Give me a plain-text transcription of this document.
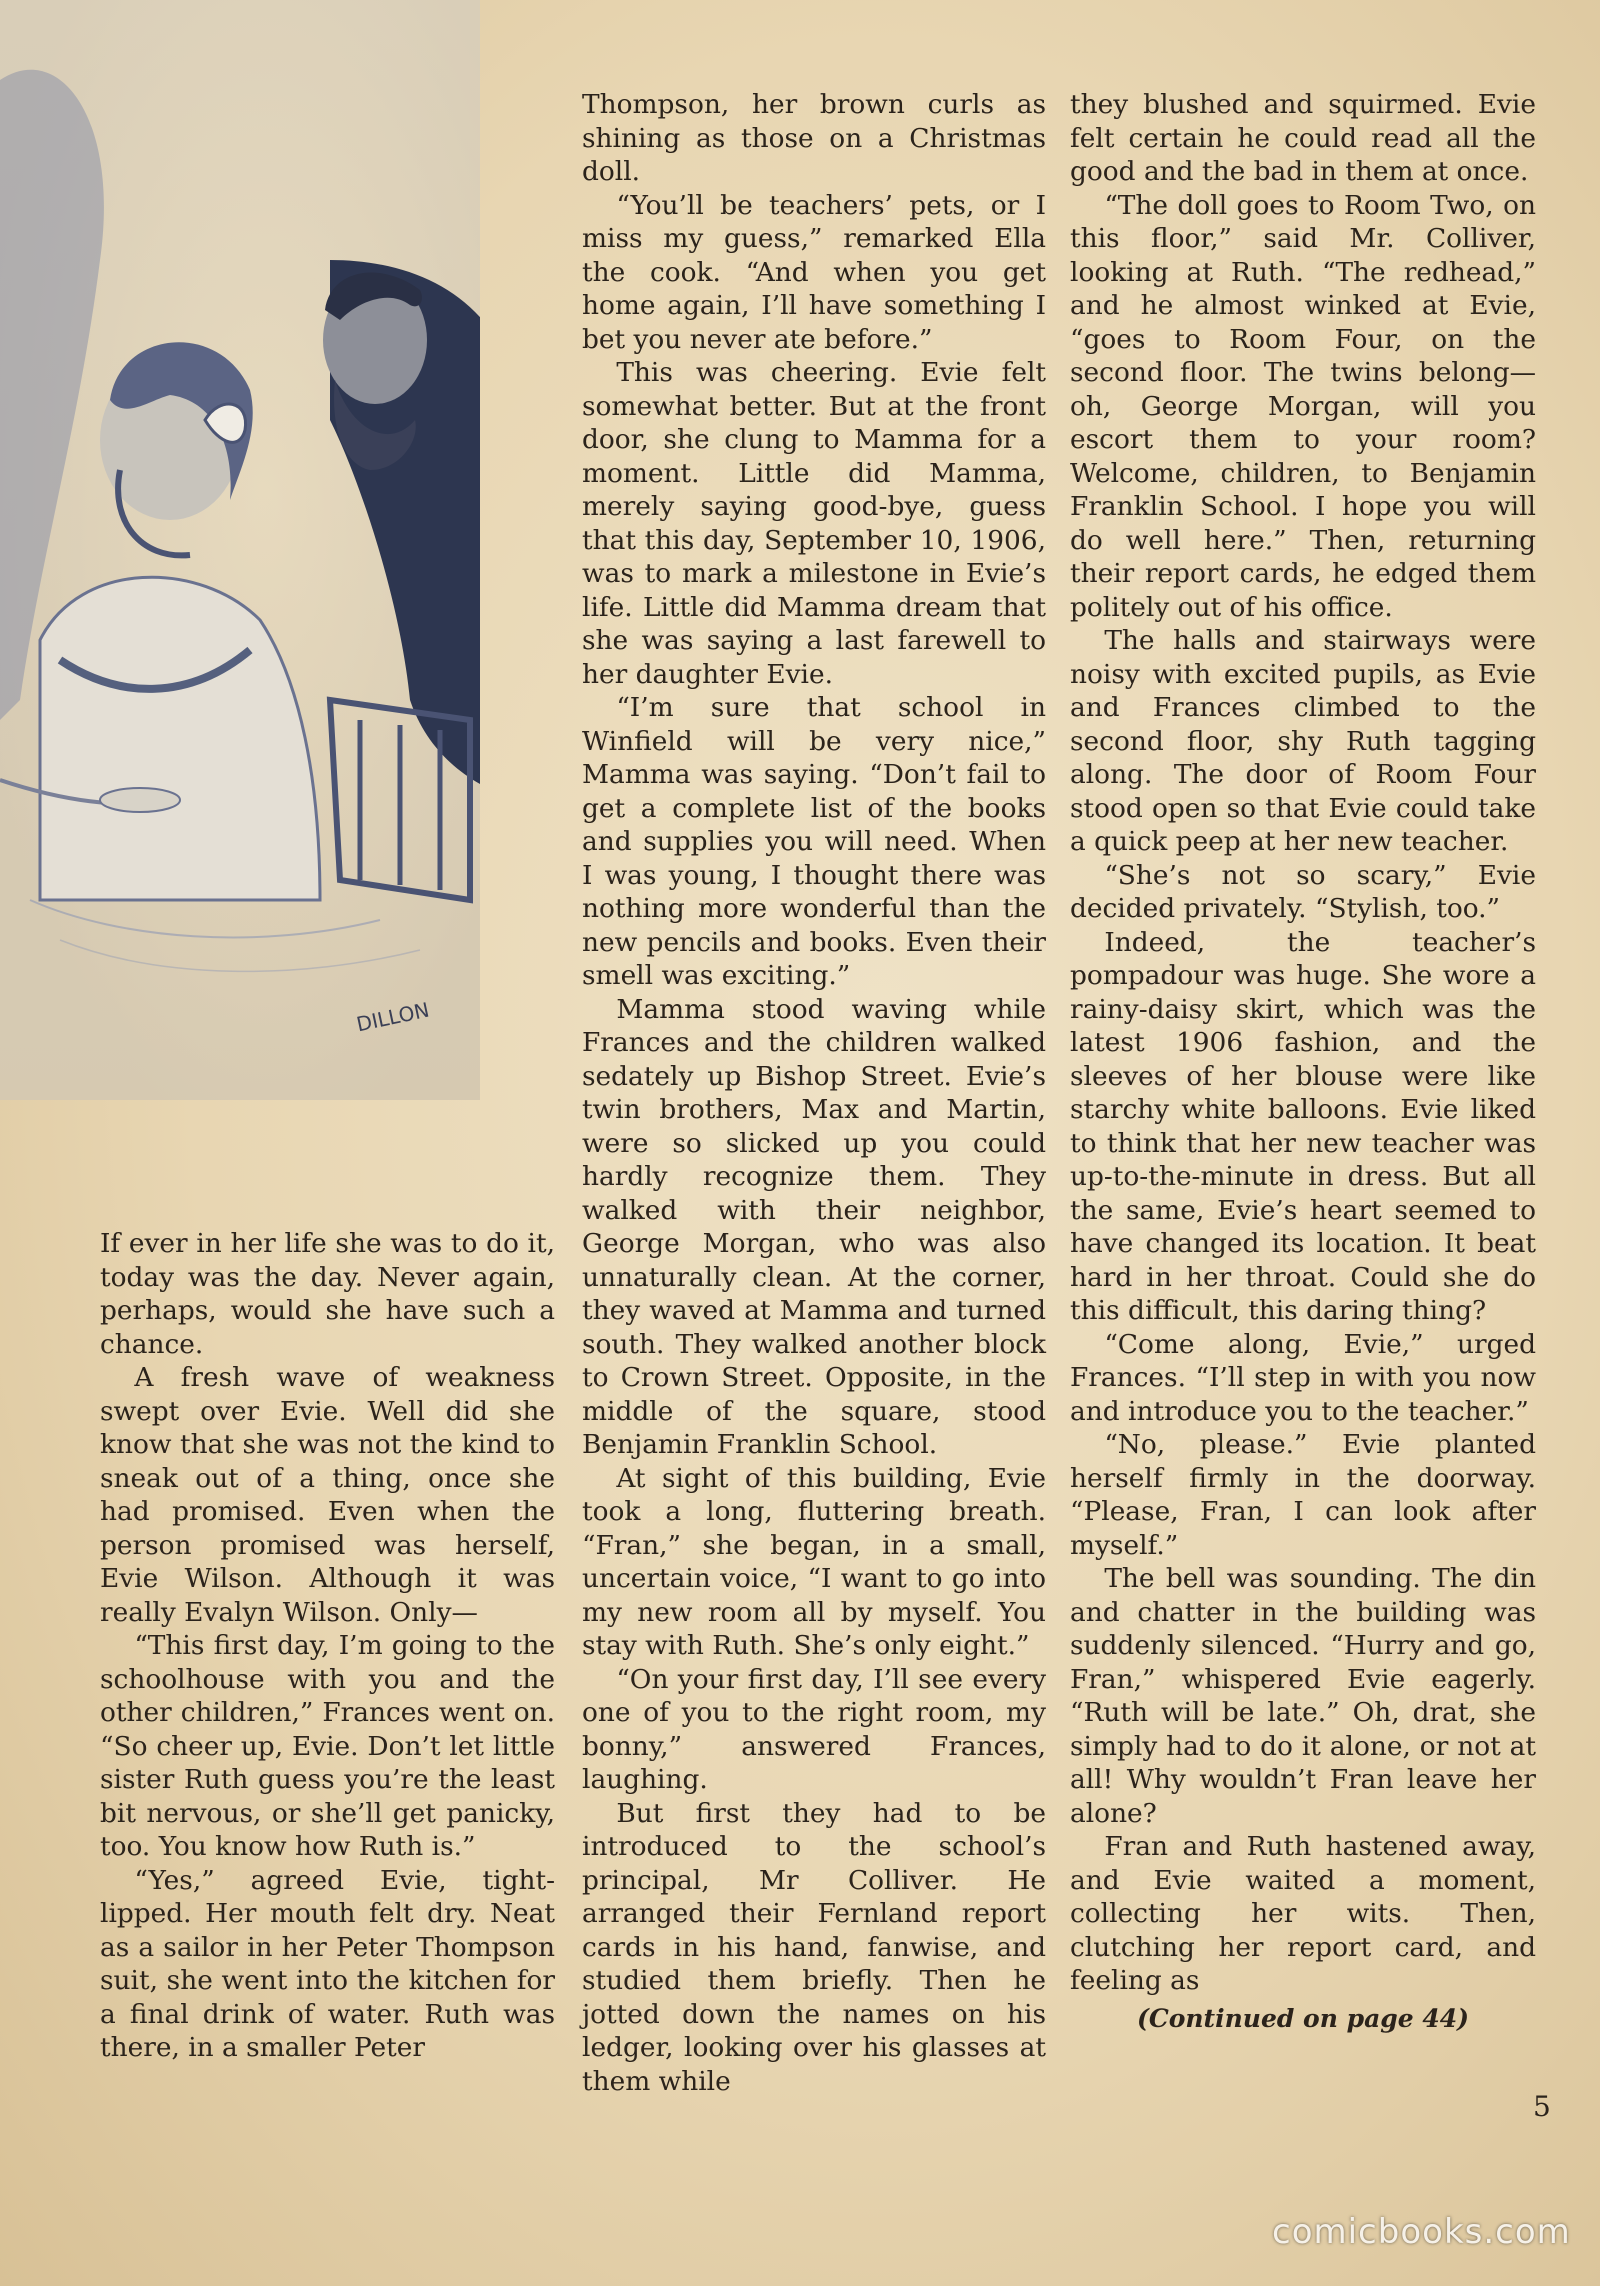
DILLON

If ever in her life she was to do it, today was the day. Never again, perhaps, would she have such a chance.

A fresh wave of weakness swept over Evie. Well did she know that she was not the kind to sneak out of a thing, once she had promised. Even when the person promised was herself, Evie Wilson. Although it was really Evalyn Wilson. Only—

“This first day, I’m going to the schoolhouse with you and the other children,” Frances went on. “So cheer up, Evie. Don’t let little sister Ruth guess you’re the least bit nervous, or she’ll get panicky, too. You know how Ruth is.”

“Yes,” agreed Evie, tight-lipped. Her mouth felt dry. Neat as a sailor in her Peter Thompson suit, she went into the kitchen for a final drink of water. Ruth was there, in a smaller Peter

Thompson, her brown curls as shining as those on a Christmas doll.

“You’ll be teachers’ pets, or I miss my guess,” remarked Ella the cook. “And when you get home again, I’ll have something I bet you never ate before.”

This was cheering. Evie felt somewhat better. But at the front door, she clung to Mamma for a moment. Little did Mamma, merely saying good-bye, guess that this day, September 10, 1906, was to mark a milestone in Evie’s life. Little did Mamma dream that she was saying a last farewell to her daughter Evie.

“I’m sure that school in Winfield will be very nice,” Mamma was saying. “Don’t fail to get a complete list of the books and supplies you will need. When I was young, I thought there was nothing more wonderful than the new pencils and books. Even their smell was exciting.”

Mamma stood waving while Frances and the children walked sedately up Bishop Street. Evie’s twin brothers, Max and Martin, were so slicked up you could hardly recognize them. They walked with their neighbor, George Morgan, who was also unnaturally clean. At the corner, they waved at Mamma and turned south. They walked another block to Crown Street. Opposite, in the middle of the square, stood Benjamin Franklin School.

At sight of this building, Evie took a long, fluttering breath. “Fran,” she began, in a small, uncertain voice, “I want to go into my new room all by myself. You stay with Ruth. She’s only eight.”

“On your first day, I’ll see every one of you to the right room, my bonny,” answered Frances, laughing.

But first they had to be introduced to the school’s principal, Mr Colliver. He arranged their Fernland report cards in his hand, fanwise, and studied them briefly. Then he jotted down the names on his ledger, looking over his glasses at them while

they blushed and squirmed. Evie felt certain he could read all the good and the bad in them at once.

“The doll goes to Room Two, on this floor,” said Mr. Colliver, looking at Ruth. “The redhead,” and he almost winked at Evie, “goes to Room Four, on the second floor. The twins belong—oh, George Morgan, will you escort them to your room? Welcome, children, to Benjamin Franklin School. I hope you will do well here.” Then, returning their report cards, he edged them politely out of his office.

The halls and stairways were noisy with excited pupils, as Evie and Frances climbed to the second floor, shy Ruth tagging along. The door of Room Four stood open so that Evie could take a quick peep at her new teacher.

“She’s not so scary,” Evie decided privately. “Stylish, too.”

Indeed, the teacher’s pompadour was huge. She wore a rainy-daisy skirt, which was the latest 1906 fashion, and the sleeves of her blouse were like starchy white balloons. Evie liked to think that her new teacher was up-to-the-minute in dress. But all the same, Evie’s heart seemed to have changed its location. It beat hard in her throat. Could she do this difficult, this daring thing?

“Come along, Evie,” urged Frances. “I’ll step in with you now and introduce you to the teacher.”

“No, please.” Evie planted herself firmly in the doorway. “Please, Fran, I can look after myself.”

The bell was sounding. The din and chatter in the building was suddenly silenced. “Hurry and go, Fran,” whispered Evie eagerly. “Ruth will be late.” Oh, drat, she simply had to do it alone, or not at all! Why wouldn’t Fran leave her alone?

Fran and Ruth hastened away, and Evie waited a moment, collecting her wits. Then, clutching her report card, and feeling as

(Continued on page 44)
5
comicbooks.com
